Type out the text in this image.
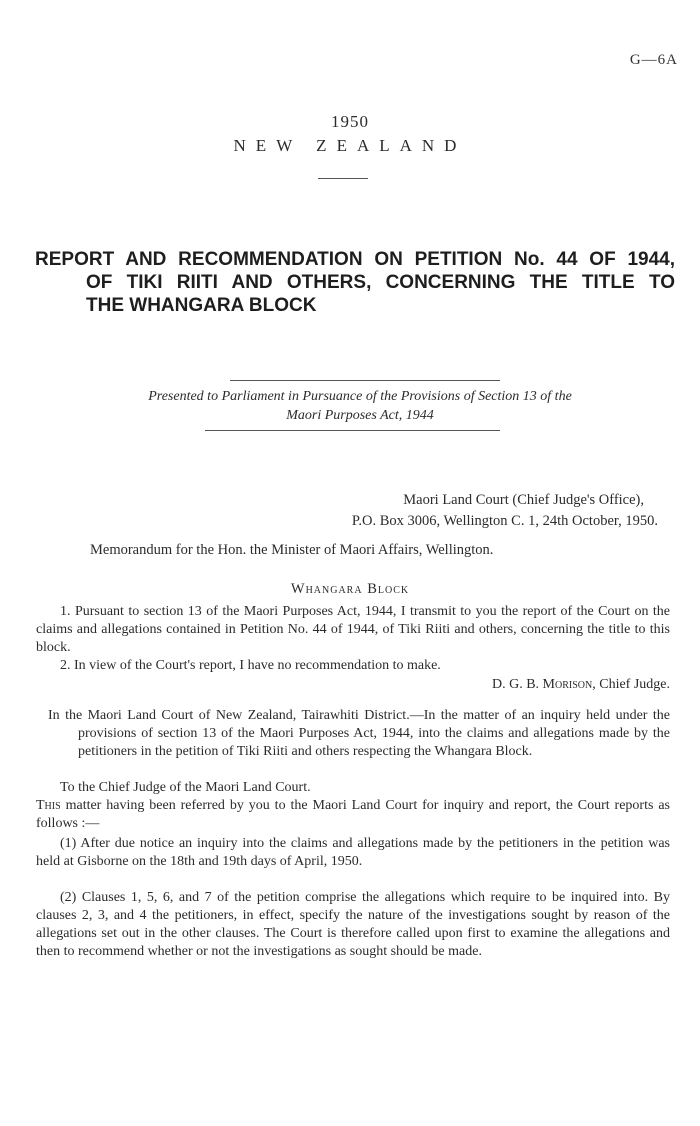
G—6A
1950
NEW ZEALAND
REPORT AND RECOMMENDATION ON PETITION No. 44 OF 1944,
OF TIKI RIITI AND OTHERS, CONCERNING THE TITLE TO
THE WHANGARA BLOCK
Presented to Parliament in Pursuance of the Provisions of Section 13 of the
Maori Purposes Act, 1944
Maori Land Court (Chief Judge's Office),
P.O. Box 3006, Wellington C. 1, 24th October, 1950.
Memorandum for the Hon. the Minister of Maori Affairs, Wellington.
Whangara Block
1. Pursuant to section 13 of the Maori Purposes Act, 1944, I transmit to you the report of the Court on the claims and allegations contained in Petition No. 44 of 1944, of Tiki Riiti and others, concerning the title to this block.
2. In view of the Court's report, I have no recommendation to make.
D. G. B. Morison, Chief Judge.
In the Maori Land Court of New Zealand, Tairawhiti District.—In the matter of an inquiry held under the provisions of section 13 of the Maori Purposes Act, 1944, into the claims and allegations made by the petitioners in the petition of Tiki Riiti and others respecting the Whangara Block.
To the Chief Judge of the Maori Land Court.
This matter having been referred by you to the Maori Land Court for inquiry and report, the Court reports as follows :—
(1) After due notice an inquiry into the claims and allegations made by the petitioners in the petition was held at Gisborne on the 18th and 19th days of April, 1950.
(2) Clauses 1, 5, 6, and 7 of the petition comprise the allegations which require to be inquired into. By clauses 2, 3, and 4 the petitioners, in effect, specify the nature of the investigations sought by reason of the allegations set out in the other clauses. The Court is therefore called upon first to examine the allegations and then to recommend whether or not the investigations as sought should be made.
